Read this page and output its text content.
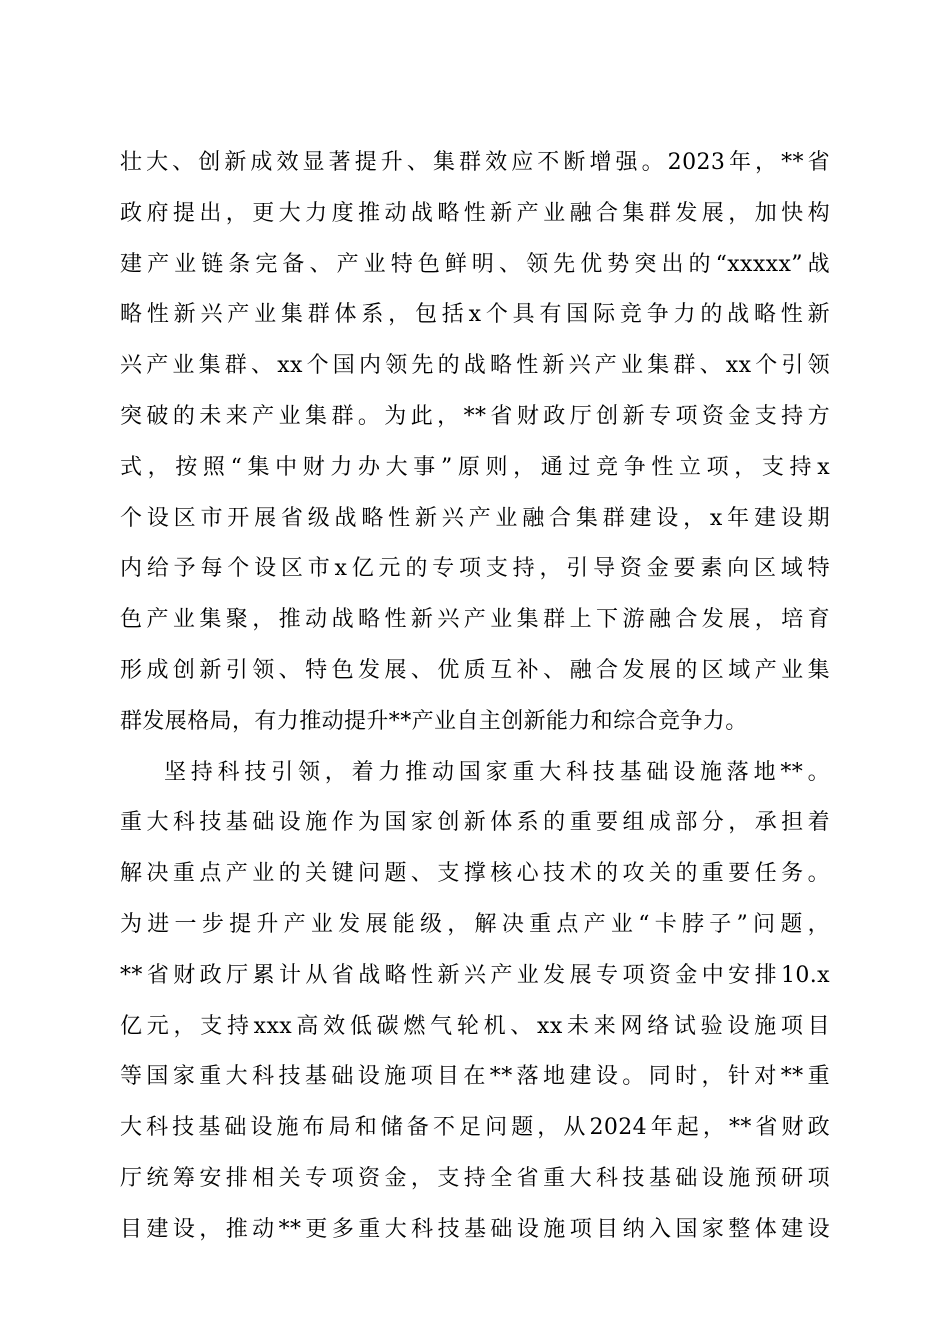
壮大、创新成效显著提升、集群效应不断增强。2023年，**省
政府提出，更大力度推动战略性新产业融合集群发展，加快构
建产业链条完备、产业特色鲜明、领先优势突出的“xxxxx”战
略性新兴产业集群体系，包括x个具有国际竞争力的战略性新
兴产业集群、xx个国内领先的战略性新兴产业集群、xx个引领
突破的未来产业集群。为此，**省财政厅创新专项资金支持方
式，按照“集中财力办大事”原则，通过竞争性立项，支持x
个设区市开展省级战略性新兴产业融合集群建设，x年建设期
内给予每个设区市x亿元的专项支持，引导资金要素向区域特
色产业集聚，推动战略性新兴产业集群上下游融合发展，培育
形成创新引领、特色发展、优质互补、融合发展的区域产业集
群发展格局，有力推动提升**产业自主创新能力和综合竞争力。
坚持科技引领，着力推动国家重大科技基础设施落地**。
重大科技基础设施作为国家创新体系的重要组成部分，承担着
解决重点产业的关键问题、支撑核心技术的攻关的重要任务。
为进一步提升产业发展能级，解决重点产业“卡脖子”问题，
**省财政厅累计从省战略性新兴产业发展专项资金中安排10.x
亿元，支持xxx高效低碳燃气轮机、xx未来网络试验设施项目
等国家重大科技基础设施项目在**落地建设。同时，针对**重
大科技基础设施布局和储备不足问题，从2024年起，**省财政
厅统筹安排相关专项资金，支持全省重大科技基础设施预研项
目建设，推动**更多重大科技基础设施项目纳入国家整体建设
